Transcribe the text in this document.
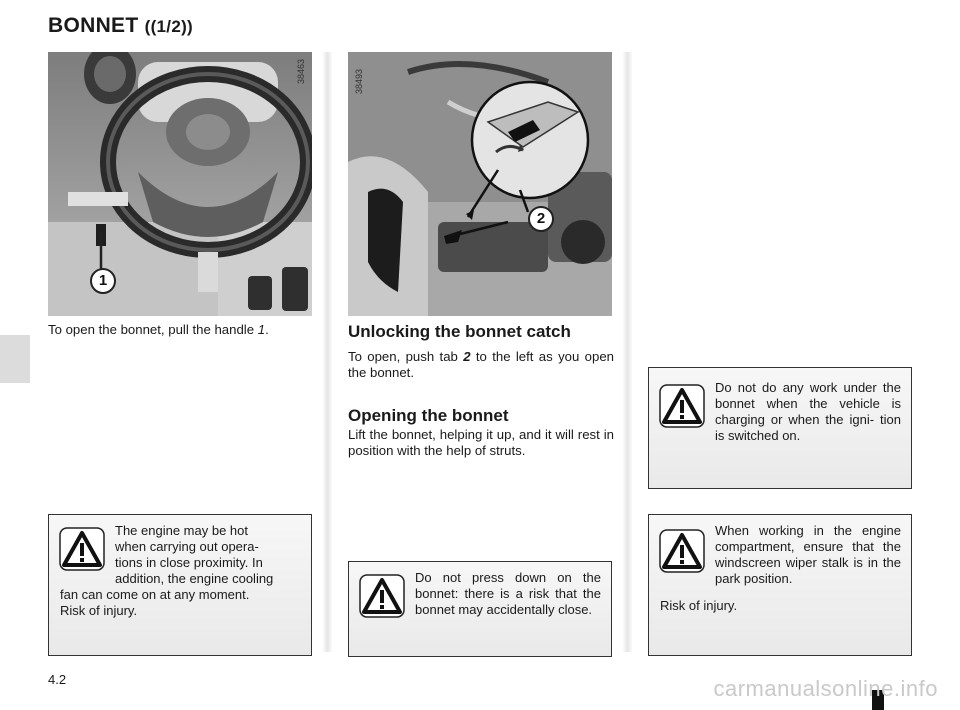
BONNET ((1/2))
1
38463
2
38493
To open the bonnet, pull the handle 1.	Unlocking the bonnet catch
To open, push tab 2 to the left as you open the bonnet.
Opening the bonnet
Lift the bonnet, helping it up, and it will rest in position with the help of struts.
The engine may be hot
when carrying out opera-
tions in close proximity. In
addition, the engine cooling
fan can come on at any moment.
Risk of injury.
Do not press down on the bonnet: there is a risk that the bonnet may accidentally close.
Do not do any work under the bonnet when the vehicle is charging or when the igni- tion is switched on.
When working in the engine compartment, ensure that the windscreen wiper stalk is in the park position.
Risk of injury.
4.2	carmanualsonline.info
